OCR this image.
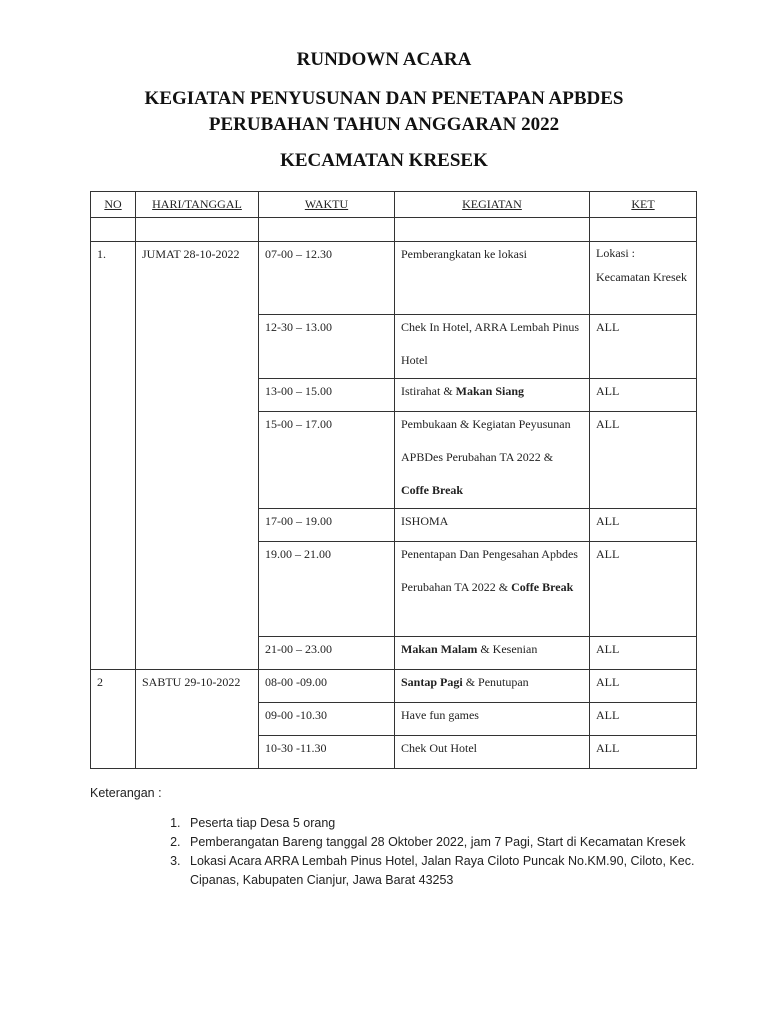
RUNDOWN ACARA
KEGIATAN PENYUSUNAN DAN PENETAPAN APBDES
PERUBAHAN TAHUN ANGGARAN 2022
KECAMATAN KRESEK
NO	HARI/TANGGAL	WAKTU	KEGIATAN	KET

1.	JUMAT 28-10-2022	07-00 – 12.30	Pemberangkatan ke lokasi	Lokasi : Kecamatan Kresek

		12-30 – 13.00	Chek In Hotel, ARRA Lembah Pinus Hotel	ALL
		13-00 – 15.00	Istirahat & Makan Siang	ALL
		15-00 – 17.00	Pembukaan & Kegiatan Peyusunan APBDes Perubahan TA 2022 & Coffe Break	ALL
		17-00 – 19.00	ISHOMA	ALL
		19.00 – 21.00	Penentapan Dan Pengesahan Apbdes Perubahan TA 2022 & Coffe Break	ALL
		21-00 – 23.00	Makan Malam & Kesenian	ALL
2	SABTU 29-10-2022	08-00 -09.00	Santap Pagi & Penutupan	ALL
		09-00 -10.30	Have fun games	ALL
		10-30 -11.30	Chek Out Hotel	ALL
Keterangan :
1. Peserta tiap Desa 5 orang
2. Pemberangatan Bareng tanggal 28 Oktober 2022, jam 7 Pagi, Start di Kecamatan Kresek
3. Lokasi Acara ARRA Lembah Pinus Hotel, Jalan Raya Ciloto Puncak No.KM.90, Ciloto, Kec. Cipanas, Kabupaten Cianjur, Jawa Barat 43253
